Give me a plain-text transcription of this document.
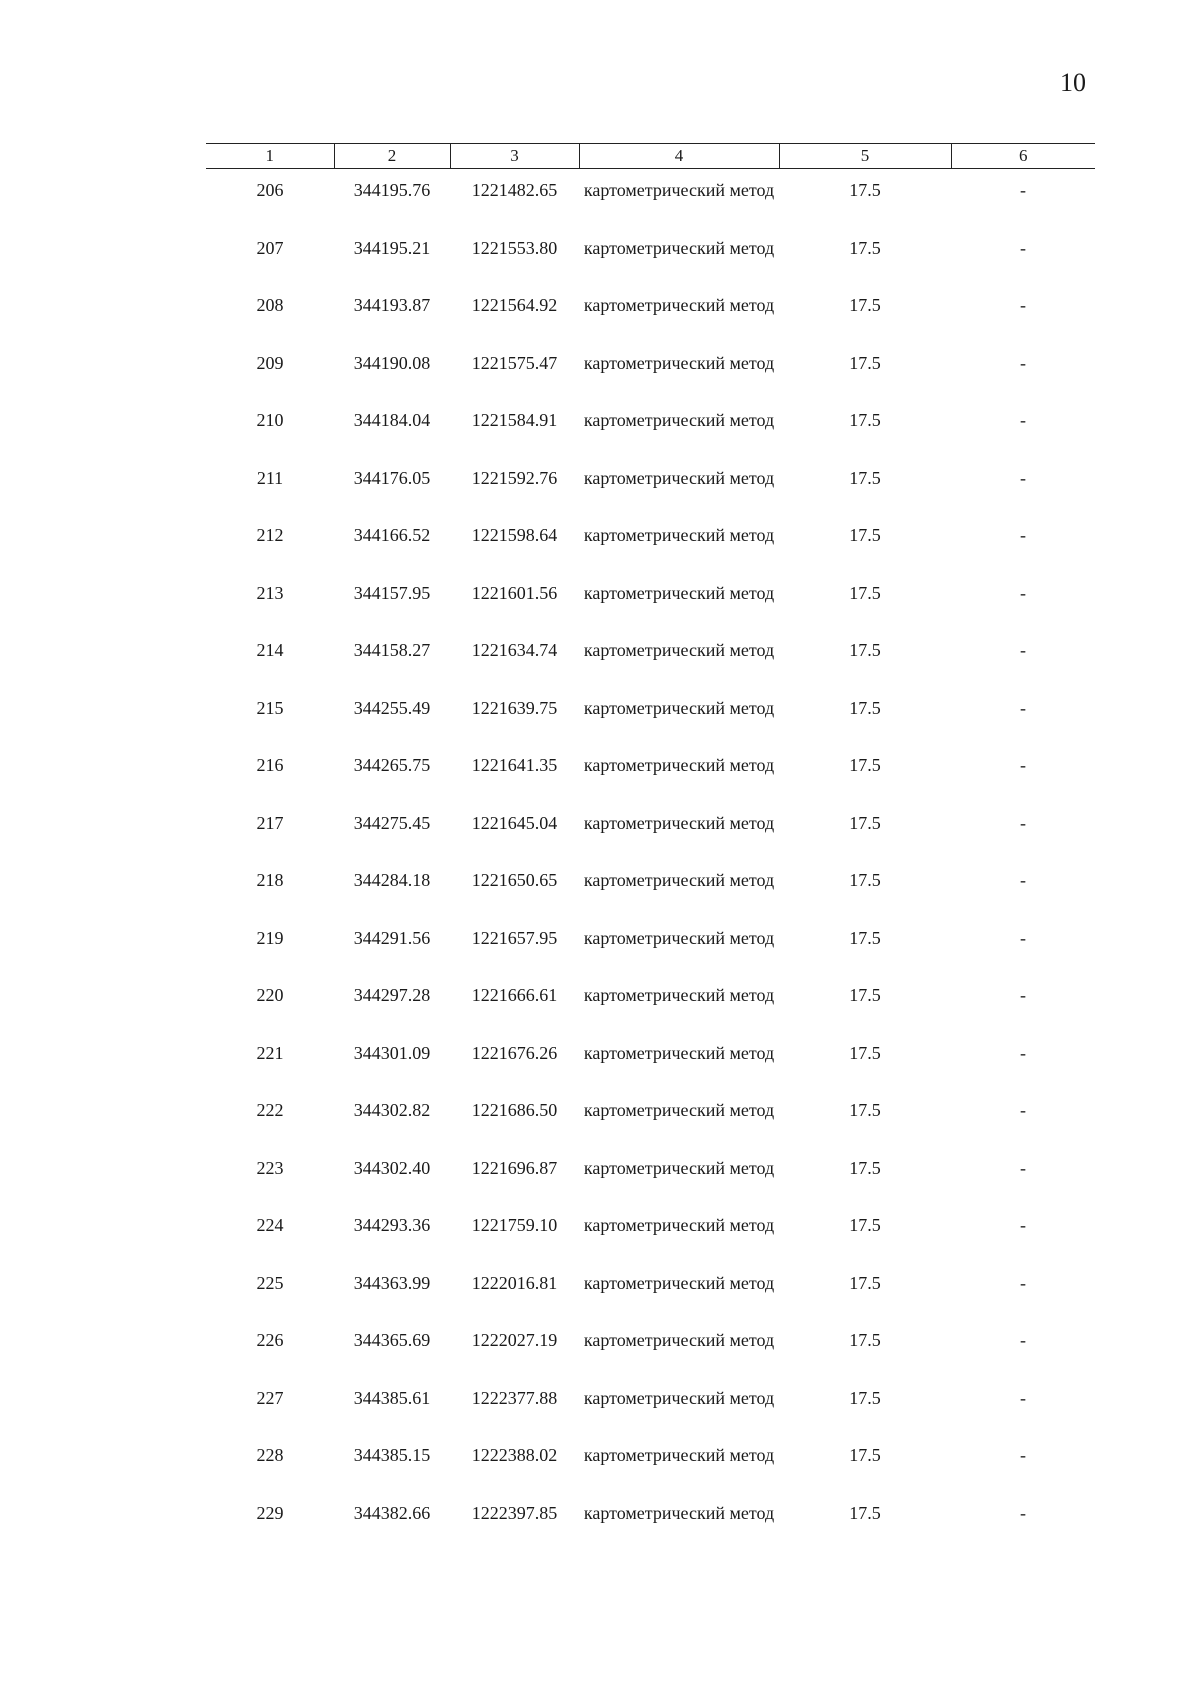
10
1	2	3	4	5	6
206	344195.76	1221482.65	картометрический метод	17.5	-
207	344195.21	1221553.80	картометрический метод	17.5	-
208	344193.87	1221564.92	картометрический метод	17.5	-
209	344190.08	1221575.47	картометрический метод	17.5	-
210	344184.04	1221584.91	картометрический метод	17.5	-
211	344176.05	1221592.76	картометрический метод	17.5	-
212	344166.52	1221598.64	картометрический метод	17.5	-
213	344157.95	1221601.56	картометрический метод	17.5	-
214	344158.27	1221634.74	картометрический метод	17.5	-
215	344255.49	1221639.75	картометрический метод	17.5	-
216	344265.75	1221641.35	картометрический метод	17.5	-
217	344275.45	1221645.04	картометрический метод	17.5	-
218	344284.18	1221650.65	картометрический метод	17.5	-
219	344291.56	1221657.95	картометрический метод	17.5	-
220	344297.28	1221666.61	картометрический метод	17.5	-
221	344301.09	1221676.26	картометрический метод	17.5	-
222	344302.82	1221686.50	картометрический метод	17.5	-
223	344302.40	1221696.87	картометрический метод	17.5	-
224	344293.36	1221759.10	картометрический метод	17.5	-
225	344363.99	1222016.81	картометрический метод	17.5	-
226	344365.69	1222027.19	картометрический метод	17.5	-
227	344385.61	1222377.88	картометрический метод	17.5	-
228	344385.15	1222388.02	картометрический метод	17.5	-
229	344382.66	1222397.85	картометрический метод	17.5	-
